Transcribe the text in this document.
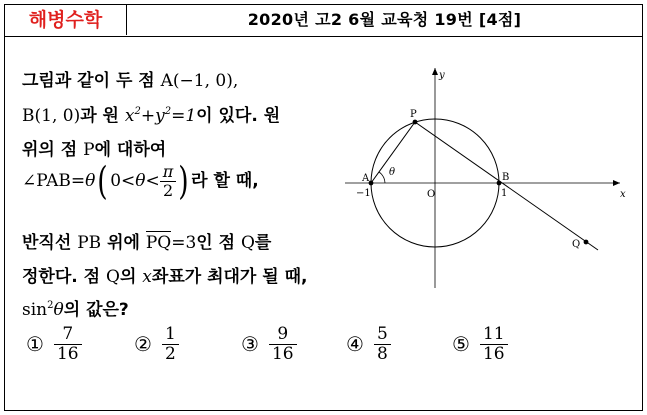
해병수학	2020년 고2 6월 교육청 19번 [4점]
그림과 같이 두 점 A(−1, 0),
B(1, 0)과 원 $x^2+y^2=1$이 있다. 원
위의 점 P에 대하여
∠PAB=θ( $0<\theta< \frac{\pi}{2}$ ) 라 할 때,
반직선 PB 위에 PQ=3인 점 Q를
정한다. 점 Q의 x좌표가 최대가 될 때,
$\sin^2\theta$의 값은?
① $\frac{7}{16}$	② $\frac{1}{2}$	③ $\frac{9}{16}$ ④ $\frac{5}{8}$	⑤ $\frac{11}{16}$
y
x
P
A	B
O
Q
θ
−1	1
